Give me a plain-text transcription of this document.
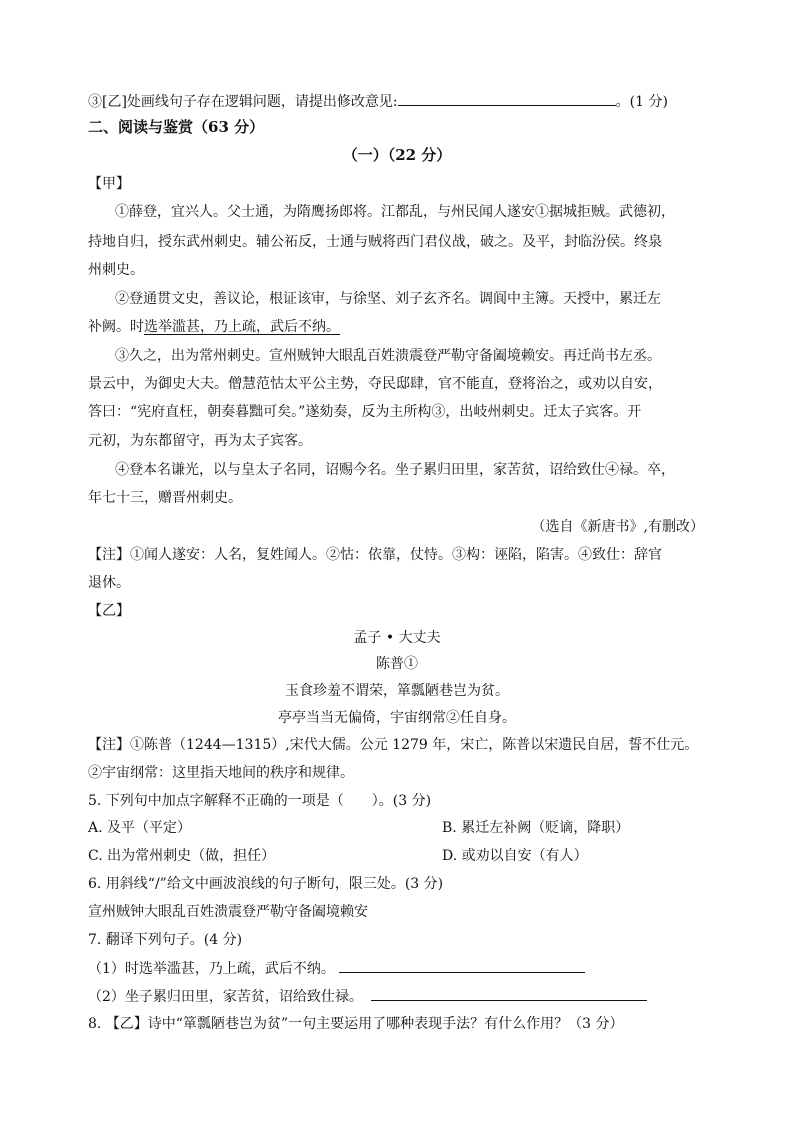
③[乙]处画线句子存在逻辑问题，请提出修改意见:	。(1 分)
二、阅读与鉴赏（63 分）
（一）（22 分）
【甲】
①薛登，宜兴人。父士通，为隋鹰扬郎将。江都乱，与州民闻人遂安①据城拒贼。武德初，
持地自归，授东武州刺史。辅公祏反，士通与贼将西门君仪战，破之。及平，封临汾侯。终泉
州刺史。
②登通贯文史，善议论，根证该审，与徐坚、刘子玄齐名。调阆中主簿。天授中，累迁左
补阙。时选举滥甚，乃上疏，武后不纳。
③久之，出为常州刺史。宣州贼钟大眼乱百姓溃震登严勒守备阖境赖安。再迁尚书左丞。
景云中，为御史大夫。僧慧范怙太平公主势，夺民邸肆，官不能直，登将治之，或劝以自安，
答曰：“宪府直枉，朝奏暮黜可矣。”遂劾奏，反为主所构③，出岐州刺史。迁太子宾客。开
元初，为东都留守，再为太子宾客。
④登本名谦光，以与皇太子名同，诏赐今名。坐子累归田里，家苦贫，诏给致仕④禄。卒，
年七十三，赠晋州刺史。
（选自《新唐书》,有删改）
【注】①闻人遂安：人名，复姓闻人。②怙：依靠，仗恃。③构：诬陷，陷害。④致仕：辞官
退休。
【乙】
孟子 • 大丈夫
陈普①
玉食珍羞不谓荣，箪瓢陋巷岂为贫。
亭亭当当无偏倚，宇宙纲常②任自身。
【注】①陈普（1244—1315）,宋代大儒。公元 1279 年，宋亡，陈普以宋遗民自居，誓不仕元。
②宇宙纲常：这里指天地间的秩序和规律。
5. 下列句中加点字解释不正确的一项是（　　）。(3 分)
A. 及平（平定）	B. 累迁左补阙（贬谪，降职）
C. 出为常州刺史（做，担任）	D. 或劝以自安（有人）
6. 用斜线“/”给文中画波浪线的句子断句，限三处。(3 分)
宣州贼钟大眼乱百姓溃震登严勒守备阖境赖安
7. 翻译下列句子。(4 分)
（1）时选举滥甚，乃上疏，武后不纳。
（2）坐子累归田里，家苦贫，诏给致仕禄。
8. 【乙】诗中“箪瓢陋巷岂为贫”一句主要运用了哪种表现手法？有什么作用？（3 分）
